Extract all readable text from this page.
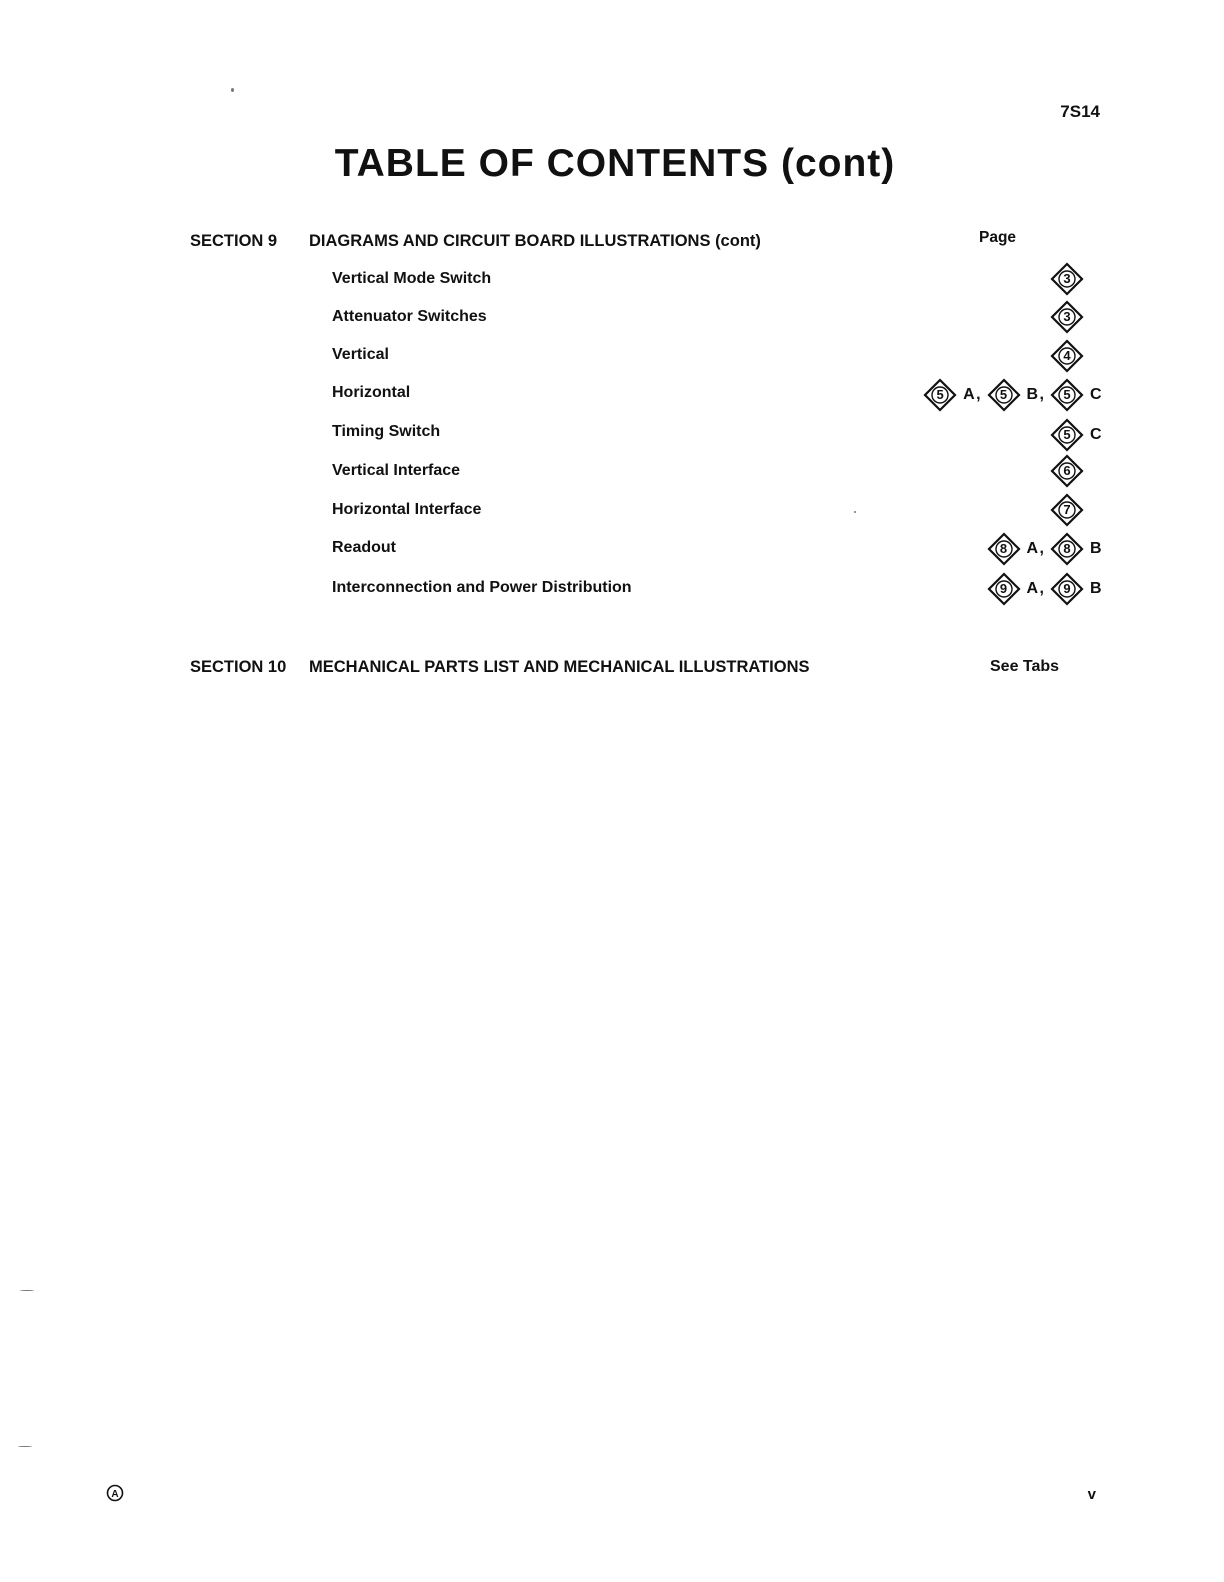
7S14
TABLE OF CONTENTS (cont)
SECTION 9 DIAGRAMS AND CIRCUIT BOARD ILLUSTRATIONS (cont)	Page
Vertical Mode Switch	3
Attenuator Switches	3
Vertical	4
Horizontal	5	A ,	5	B ,	5	C
Timing Switch	5	C
Vertical Interface	6
Horizontal Interface	7
Readout	8	A ,	8	B
Interconnection and Power Distribution	9	A ,	9	B
SECTION 10 MECHANICAL PARTS LIST AND MECHANICAL ILLUSTRATIONS	See Tabs
A	v
